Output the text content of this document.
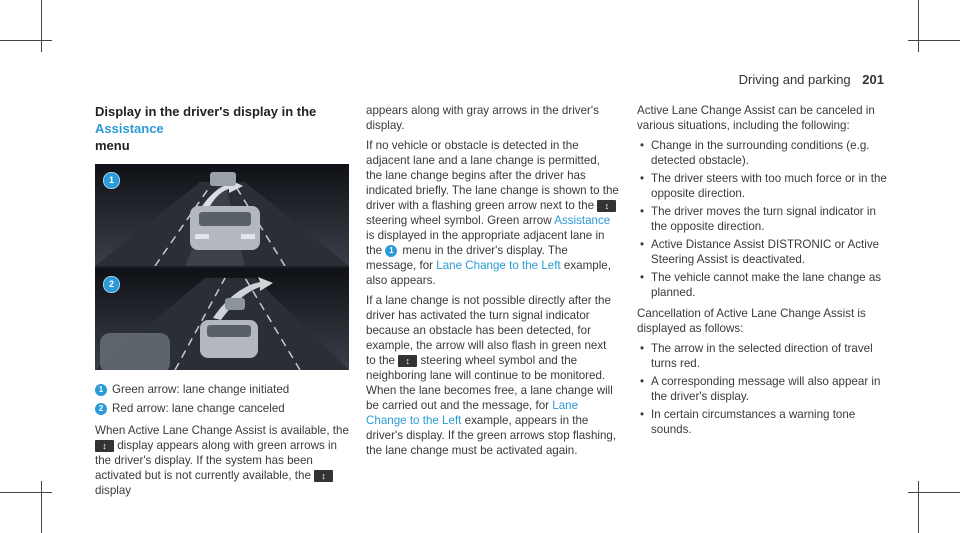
Driving and parking 201
Display in the driver's display in the Assistance
menu
1
2
1 Green arrow: lane change initiated
2 Red arrow: lane change canceled

When Active Lane Change Assist is available, the ↕ display appears along with green arrows in the driver's display. If the system has been activated but is not currently available, the ↕ display

appears along with gray arrows in the driver's display.

If no vehicle or obstacle is detected in the adjacent lane and a lane change is permitted, the lane change begins after the driver has indicated briefly. The lane change is shown to the driver with a flashing green arrow next to the ↕ steering wheel symbol. Green arrow Assistance is displayed in the appropriate adjacent lane in the 1 menu in the driver's display. The message, for Lane Change to the Left example, also appears.

If a lane change is not possible directly after the driver has activated the turn signal indicator because an obstacle has been detected, for example, the arrow will also flash in green next to the ↕ steering wheel symbol and the neighboring lane will continue to be monitored. When the lane becomes free, a lane change will be carried out and the message, for Lane Change to the Left example, appears in the driver's display. If the green arrows stop flashing, the lane change must be activated again.

Active Lane Change Assist can be canceled in various situations, including the following:

• Change in the surrounding conditions (e.g. detected obstacle).
• The driver steers with too much force or in the opposite direction.
• The driver moves the turn signal indicator in the opposite direction.
• Active Distance Assist DISTRONIC or Active Steering Assist is deactivated.
• The vehicle cannot make the lane change as planned.

Cancellation of Active Lane Change Assist is displayed as follows:

• The arrow in the selected direction of travel turns red.
• A corresponding message will also appear in the driver's display.
• In certain circumstances a warning tone sounds.
